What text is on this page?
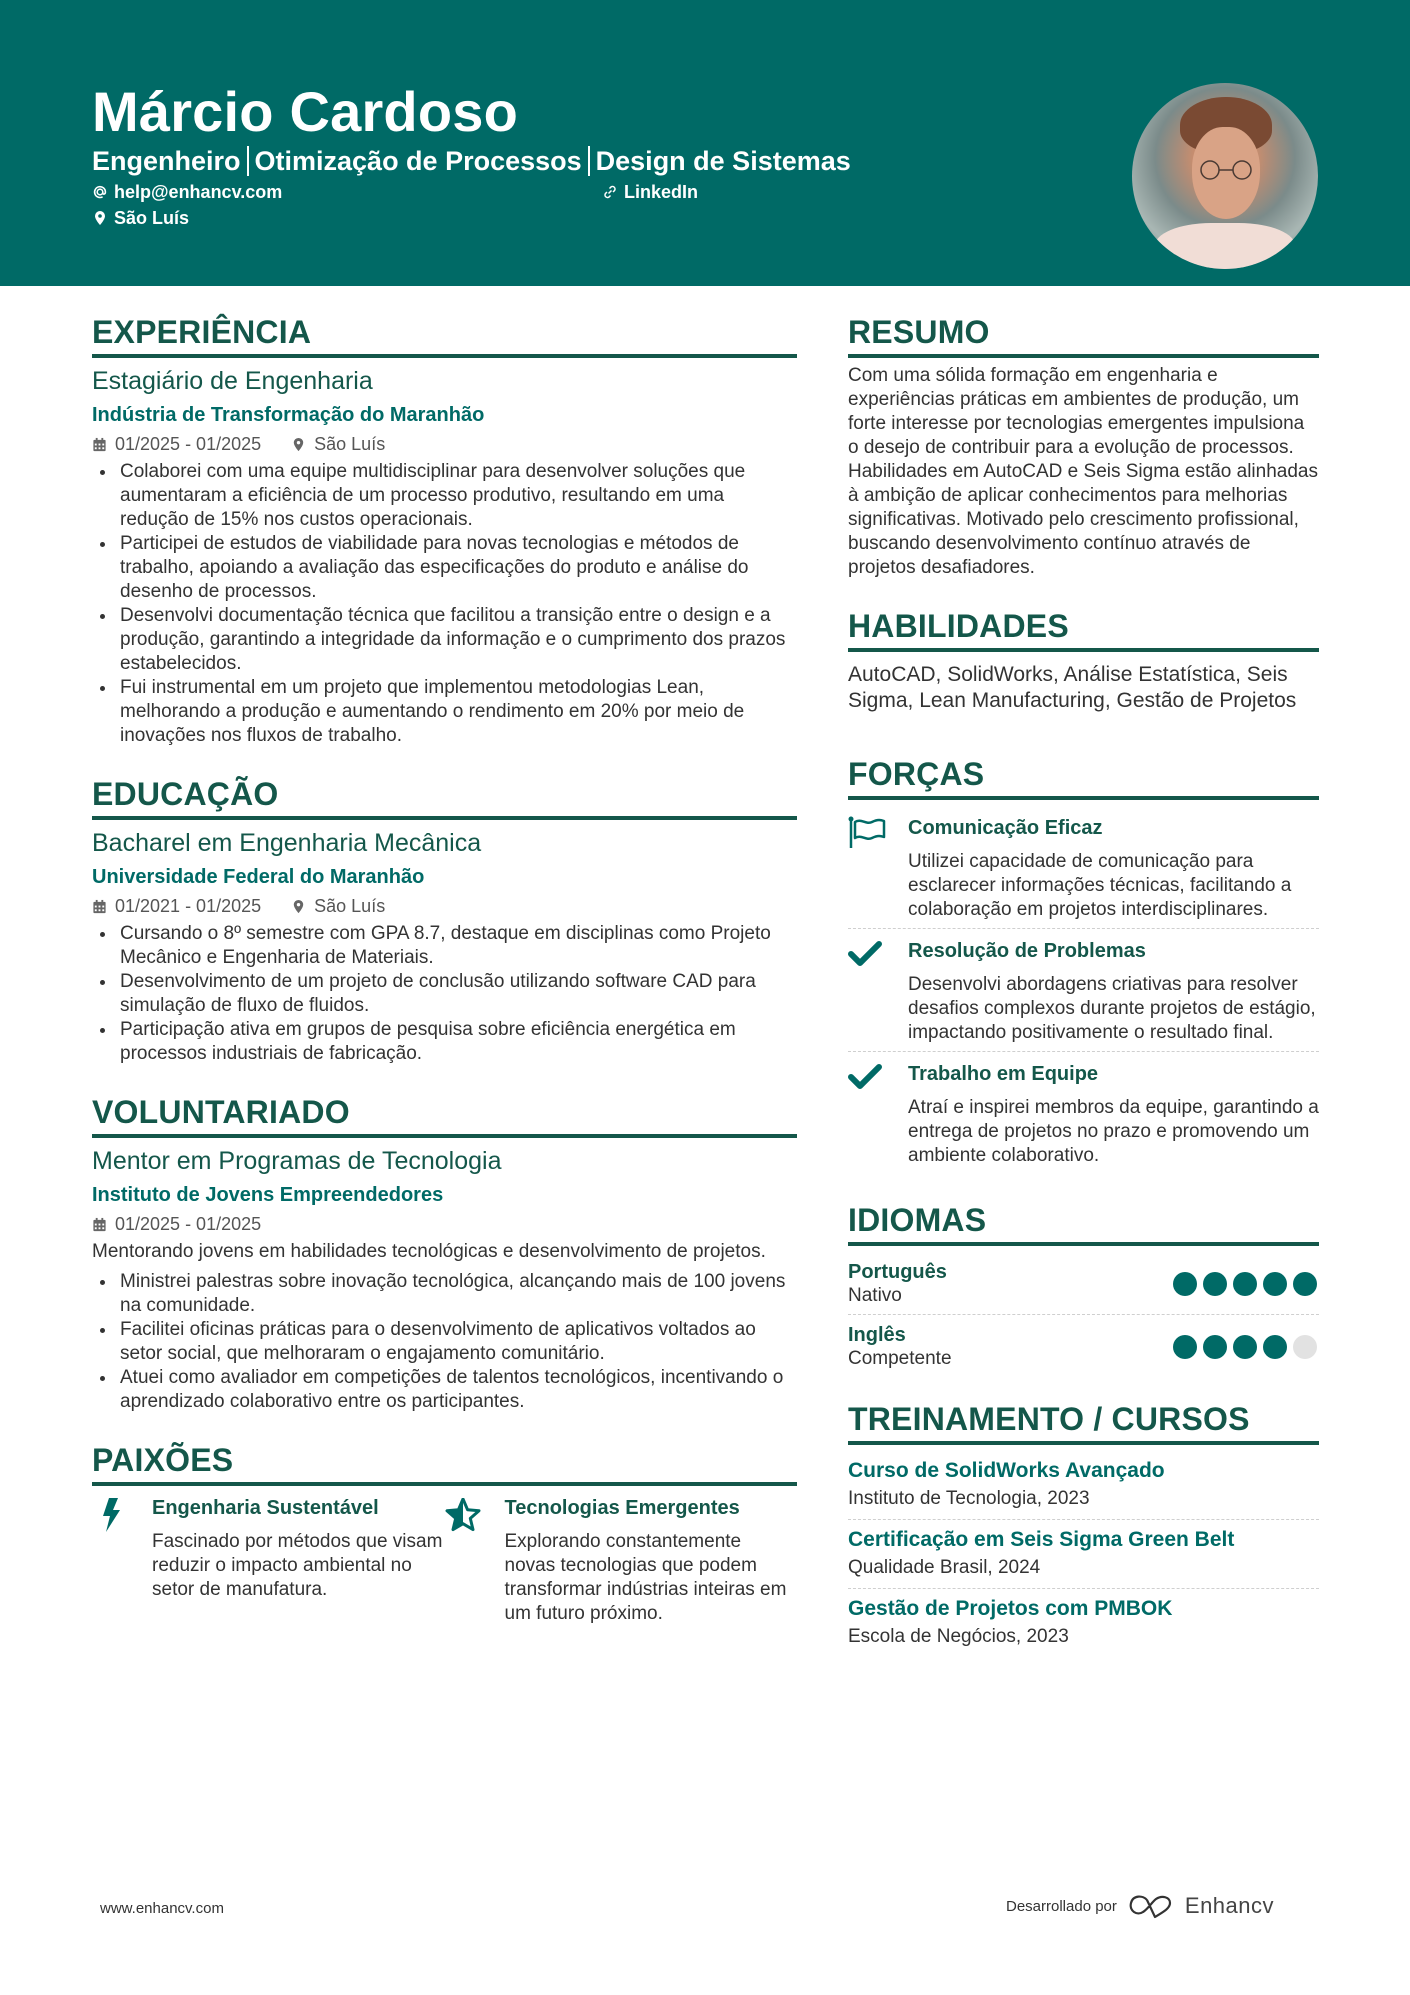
Márcio Cardoso
Engenheiro Otimização de Processos Design de Sistemas
help@enhancv.com	LinkedIn
São Luís
EXPERIÊNCIA
Estagiário de Engenharia
Indústria de Transformação do Maranhão
01/2025 - 01/2025	São Luís
Colaborei com uma equipe multidisciplinar para desenvolver soluções que aumentaram a eficiência de um processo produtivo, resultando em uma redução de 15% nos custos operacionais.
Participei de estudos de viabilidade para novas tecnologias e métodos de trabalho, apoiando a avaliação das especificações do produto e análise do desenho de processos.
Desenvolvi documentação técnica que facilitou a transição entre o design e a produção, garantindo a integridade da informação e o cumprimento dos prazos estabelecidos.
Fui instrumental em um projeto que implementou metodologias Lean, melhorando a produção e aumentando o rendimento em 20% por meio de inovações nos fluxos de trabalho.
EDUCAÇÃO
Bacharel em Engenharia Mecânica
Universidade Federal do Maranhão
01/2021 - 01/2025	São Luís
Cursando o 8º semestre com GPA 8.7, destaque em disciplinas como Projeto Mecânico e Engenharia de Materiais.
Desenvolvimento de um projeto de conclusão utilizando software CAD para simulação de fluxo de fluidos.
Participação ativa em grupos de pesquisa sobre eficiência energética em processos industriais de fabricação.
VOLUNTARIADO
Mentor em Programas de Tecnologia
Instituto de Jovens Empreendedores
01/2025 - 01/2025
Mentorando jovens em habilidades tecnológicas e desenvolvimento de projetos.
Ministrei palestras sobre inovação tecnológica, alcançando mais de 100 jovens na comunidade.
Facilitei oficinas práticas para o desenvolvimento de aplicativos voltados ao setor social, que melhoraram o engajamento comunitário.
Atuei como avaliador em competições de talentos tecnológicos, incentivando o aprendizado colaborativo entre os participantes.
PAIXÕES
Engenharia Sustentável
Fascinado por métodos que visam reduzir o impacto ambiental no setor de manufatura.
Tecnologias Emergentes
Explorando constantemente novas tecnologias que podem transformar indústrias inteiras em um futuro próximo.
RESUMO
Com uma sólida formação em engenharia e experiências práticas em ambientes de produção, um forte interesse por tecnologias emergentes impulsiona o desejo de contribuir para a evolução de processos. Habilidades em AutoCAD e Seis Sigma estão alinhadas à ambição de aplicar conhecimentos para melhorias significativas. Motivado pelo crescimento profissional, buscando desenvolvimento contínuo através de projetos desafiadores.
HABILIDADES
AutoCAD, SolidWorks, Análise Estatística, Seis Sigma, Lean Manufacturing, Gestão de Projetos
FORÇAS
Comunicação Eficaz
Utilizei capacidade de comunicação para esclarecer informações técnicas, facilitando a colaboração em projetos interdisciplinares.
Resolução de Problemas
Desenvolvi abordagens criativas para resolver desafios complexos durante projetos de estágio, impactando positivamente o resultado final.
Trabalho em Equipe
Atraí e inspirei membros da equipe, garantindo a entrega de projetos no prazo e promovendo um ambiente colaborativo.
IDIOMAS
Português
Nativo
Inglês
Competente
TREINAMENTO / CURSOS
Curso de SolidWorks Avançado
Instituto de Tecnologia, 2023
Certificação em Seis Sigma Green Belt
Qualidade Brasil, 2024
Gestão de Projetos com PMBOK
Escola de Negócios, 2023
www.enhancv.com	Desarrollado por	Enhancv
